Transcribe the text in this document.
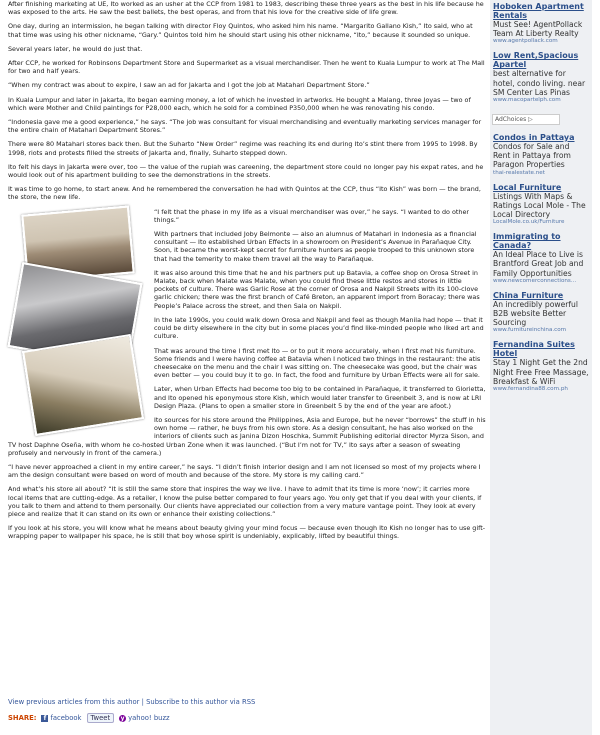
After finishing marketing at UE, Ito worked as an usher at the CCP from 1981 to 1983, describing these three years as the best in his life because he was exposed to the arts. He saw the best ballets, the best operas, and from that his love for the creative side of life grew.

One day, during an intermission, he began talking with director Floy Quintos, who asked him his name. “Margarito Gallano Kish,” Ito said, who at that time was using his other nickname, “Gary.” Quintos told him he should start using his other nickname, “Ito,” because it sounded so unique.

Several years later, he would do just that.

After CCP, he worked for Robinsons Department Store and Supermarket as a visual merchandiser. Then he went to Kuala Lumpur to work at The Mall for two and half years.

“When my contract was about to expire, I saw an ad for Jakarta and I got the job at Matahari Department Store.”

In Kuala Lumpur and later in Jakarta, Ito began earning money, a lot of which he invested in artworks. He bought a Malang, three Joyas — two of which were Mother and Child paintings for P28,000 each, which he sold for a combined P350,000 when he was renovating his condo.

“Indonesia gave me a good experience,” he says. “The job was consultant for visual merchandising and eventually marketing services manager for the entire chain of Matahari Department Stores.”

There were 80 Matahari stores back then. But the Suharto “New Order” regime was reaching its end during Ito’s stint there from 1995 to 1998. By 1998, riots and protests filled the streets of Jakarta and, finally, Suharto stepped down.

Ito felt his days in Jakarta were over, too — the value of the rupiah was careening, the department store could no longer pay his expat rates, and he would look out of his apartment building to see the demonstrations in the streets.

It was time to go home, to start anew. And he remembered the conversation he had with Quintos at the CCP, thus “Ito Kish” was born — the brand, the store, the new life.

“I felt that the phase in my life as a visual merchandiser was over,” he says. “I wanted to do other things.”

With partners that included Joby Belmonte — also an alumnus of Matahari in Indonesia as a financial consultant — Ito established Urban Effects in a showroom on President’s Avenue in Parañaque City. Soon, it became the worst-kept secret for furniture hunters as people trooped to this unknown store that had the temerity to make them travel all the way to Parañaque.

It was also around this time that he and his partners put up Batavia, a coffee shop on Orosa Street in Malate, back when Malate was Malate, when you could find these little restos and stores in little pockets of culture. There was Garlic Rose at the corner of Orosa and Nakpil Streets with its 100-clove garlic chicken; there was the first branch of Café Breton, an apparent import from Boracay; there was People’s Palace across the street, and then Sala on Nakpil.

In the late 1990s, you could walk down Orosa and Nakpil and feel as though Manila had hope — that it could be dirty elsewhere in the city but in some places you’d find like-minded people who liked art and culture.

That was around the time I first met Ito — or to put it more accurately, when I first met his furniture. Some friends and I were having coffee at Batavia when I noticed two things in the restaurant: the atis cheesecake on the menu and the chair I was sitting on. The cheesecake was good, but the chair was even better — you could buy it to go. In fact, the food and furniture by Urban Effects were all for sale.

Later, when Urban Effects had become too big to be contained in Parañaque, it transferred to Glorietta, and Ito opened his eponymous store Kish, which would later transfer to Greenbelt 3, and is now at LRI Design Plaza. (Plans to open a smaller store in Greenbelt 5 by the end of the year are afoot.)

Ito sources for his store around the Philippines, Asia and Europe, but he never “borrows” the stuff in his own home — rather, he buys from his own store. As a design consultant, he has also worked on the interiors of clients such as Janina Dizon Hoschka, Summit Publishing editorial director Myrza Sison, and TV host Daphne Oseña, with whom he co-hosted Urban Zone when it was launched. (“But I’m not for TV,” Ito says after a season of sweating profusely and nervously in front of the camera.)

“I have never approached a client in my entire career,” he says. “I didn’t finish interior design and I am not licensed so most of my projects where I am the design consultant were based on word of mouth and because of the store. My store is my calling card.”

And what’s his store all about? “It is still the same store that inspires the way we live. I have to admit that its time is more ‘now’; it carries more local items that are cutting-edge. As a retailer, I know the pulse better compared to four years ago. You only get that if you deal with your clients, if you talk to them and attend to them personally. Our clients have appreciated our collection from a very mature vantage point. They look at every piece and realize that it can stand on its own or enhance their existing collections.”

If you look at his store, you will know what he means about beauty giving your mind focus — because even though Ito Kish no longer has to use gift-wrapping paper to wallpaper his space, he is still that boy whose spirit is undeniably, explicably, lifted by beautiful things.

View previous articles from this author | Subscribe to this author via RSS
SHARE:	f facebook	Tweet	y yahoo! buzz
Hoboken Apartment Rentals
Must See! AgentPollack Team At Liberty Realty
www.agentpollack.com
Low Rent,Spacious Apartel
best alternative for hotel, condo living. near SM Center Las Pinas
www.macopartelph.com
AdChoices ▷
Condos in Pattaya
Condos for Sale and Rent in Pattaya from Paragon Properties
thai-realestate.net
Local Furniture
Listings With Maps & Ratings Local Mole - The Local Directory
LocalMole.co.uk/Furniture
Immigrating to Canada?
An Ideal Place to Live is Brantford Great Job and Family Opportunities
www.newcomerconnections...
China Furniture
An incredibly powerful B2B website Better Sourcing
www.furnitureinchina.com
Fernandina Suites Hotel
Stay 1 Night Get the 2nd Night Free Free Massage, Breakfast & WiFi
www.fernandina88.com.ph
